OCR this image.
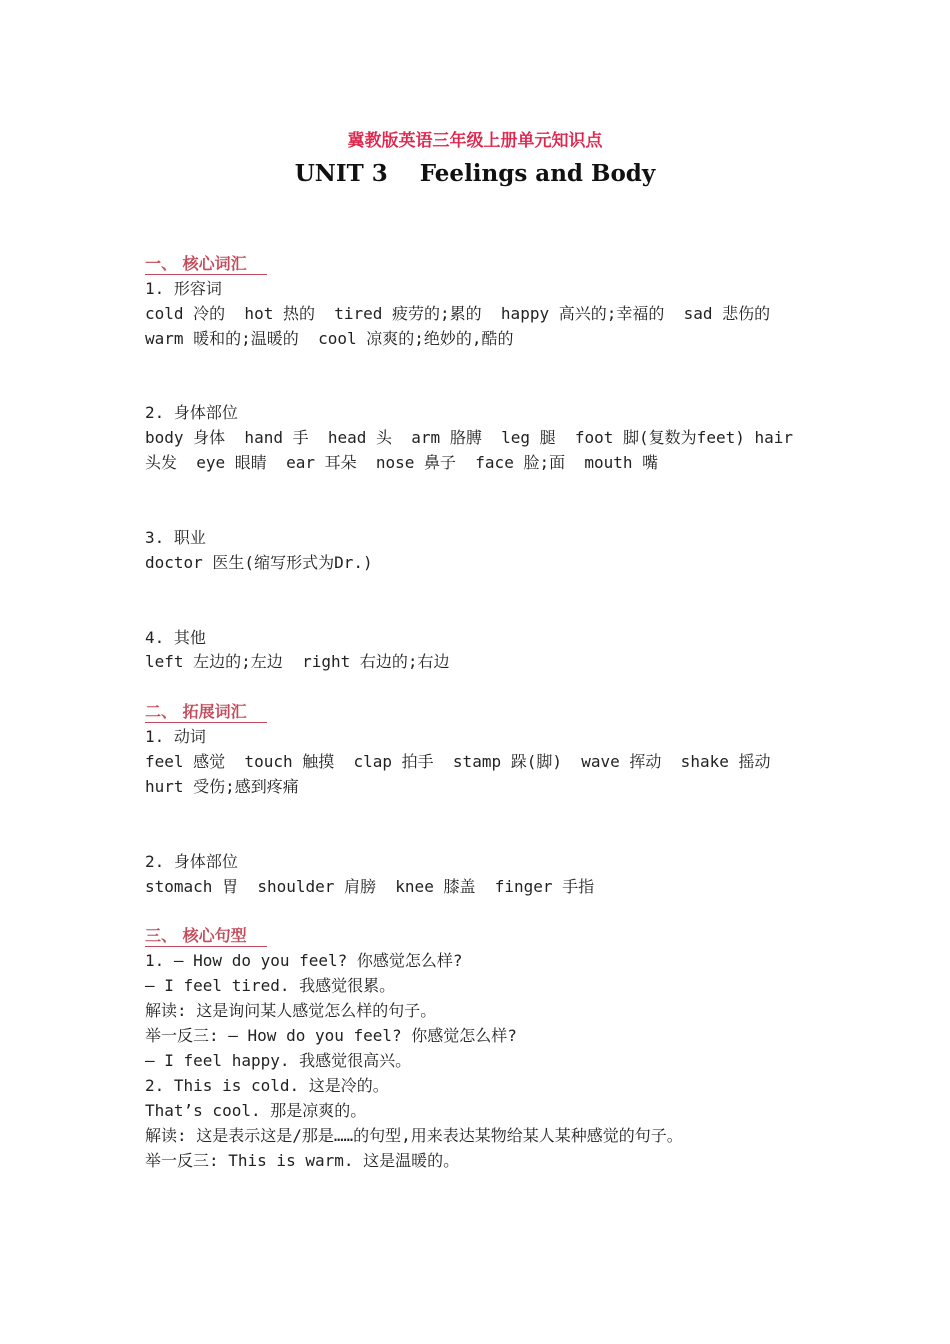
冀教版英语三年级上册单元知识点
UNIT 3    Feelings and Body
一、 核心词汇
1. 形容词
cold 冷的  hot 热的  tired 疲劳的;累的  happy 高兴的;幸福的  sad 悲伤的  warm 暖和的;温暖的  cool 凉爽的;绝妙的,酷的
2. 身体部位
body 身体  hand 手  head 头  arm 胳膊  leg 腿  foot 脚(复数为feet) hair 头发  eye 眼睛  ear 耳朵  nose 鼻子  face 脸;面  mouth 嘴
3. 职业
doctor 医生(缩写形式为Dr.)
4. 其他
left 左边的;左边  right 右边的;右边
二、 拓展词汇
1. 动词
feel 感觉  touch 触摸  clap 拍手  stamp 跺(脚)  wave 挥动  shake 摇动  hurt 受伤;感到疼痛
2. 身体部位
stomach 胃  shoulder 肩膀  knee 膝盖  finger 手指
三、 核心句型
1. — How do you feel? 你感觉怎么样?
— I feel tired. 我感觉很累。
解读: 这是询问某人感觉怎么样的句子。
举一反三: — How do you feel? 你感觉怎么样?
— I feel happy. 我感觉很高兴。
2. This is cold. 这是冷的。
That’s cool. 那是凉爽的。
解读: 这是表示这是/那是……的句型,用来表达某物给某人某种感觉的句子。
举一反三: This is warm. 这是温暖的。
